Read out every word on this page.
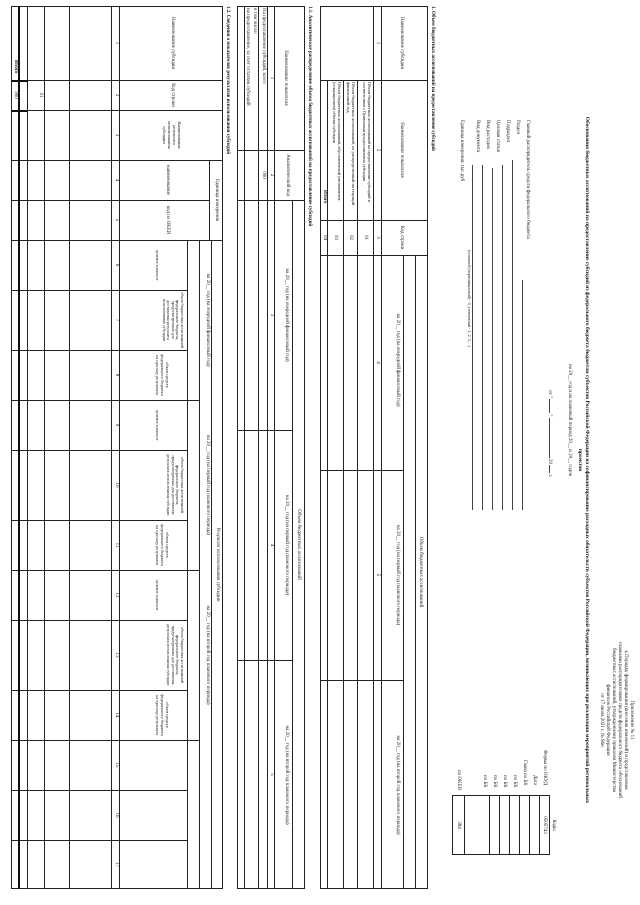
Приложение № 11
к Порядку формирования (внесения изменений) и представления
главными распорядителями средств федерального бюджета обоснований
бюджетных ассигнований, утвержденному приказом Министерства
финансов Российской Федерации
от 17 июля 2021 г. № 96н
Обоснования бюджетных ассигнований на предоставление субсидий из федерального бюджета бюджетам субъектов Российской Федерации на софинансирование расходных обязательств субъектов Российской Федерации, возникающих при реализации мероприятий региональных проектов
на 20__ год и на плановый период 20__ и 20__ годов
от "  "  20  г.
Главный распорядитель средств федерального бюджета
Раздел
Подраздел
Целевая статья
Вид расходов
Вид документа
(основной (первоначальный) - 0, уточненный - 1, 2, 3, ...)
Единица измерения: тыс.руб
Коды
0505743
384
Форма по ОКУД
Дата
Глава по БК
по БК
по БК
по БК
по БК
по ОКЕИ
1. Объем бюджетных ассигнований на предоставление субсидий
Наименование субсидии
Наименование показателя
Код строки
Объем бюджетных ассигнований
на 20__ год (на очередной финансовый год)
на 20__ год (на первый год планового периода)
на 20__ год (на второй год планового периода)
1
2
3
4
5
Объем бюджетных ассигнований на предоставление субсидий в соответствии с Правилами предоставления субсидии
01
Объем бюджетных ассигнований, не распределенный на текущий финансовый год
02
Объем бюджетных ассигнований, обусловленный увеличением (сокращением) объема субсидии
03
Итого
04
1.1. Аналитическое распределение объема бюджетных ассигнований на предоставление субсидий
Наименование показателя
Аналитический код
Объем бюджетных ассигнований
на 20__ год (на очередной финансовый год)
на 20__ год (на первый год планового периода)
на 20__ год (на второй год планового периода)
1
2
3
4
5
На предоставление субсидий, всего
000
в том числе:
на предоставление, за счет остатков субсидий
1.2. Сведения о показателях результатов использования субсидий
Наименование субсидии
Код строки
Наименование результата использования субсидии
Единица измерения
наименование
код по ОКЕИ
Результат использования субсидии
на 20__ год (на очередной финансовый год)
на 20__ год (на первый год планового периода)
на 20__ год (на второй год планового периода)
целевое значение
объем бюджетных ассигнований федерального бюджета, предусмотренных для достижения результата использования субсидии
объем средств федерального бюджета на единицу результата
целевое значение
объем бюджетных ассигнований федерального бюджета, предусмотренных для достижения результата использования субсидии
объем средств федерального бюджета на единицу результата
целевое значение
объем бюджетных ассигнований федерального бюджета, предусмотренных для достижения результата использования субсидии
объем средств федерального бюджета на единицу результата
1
2
3
4
5
6
7
8
9
10
11
12
13
14
15
16
17
01
Итого
900
